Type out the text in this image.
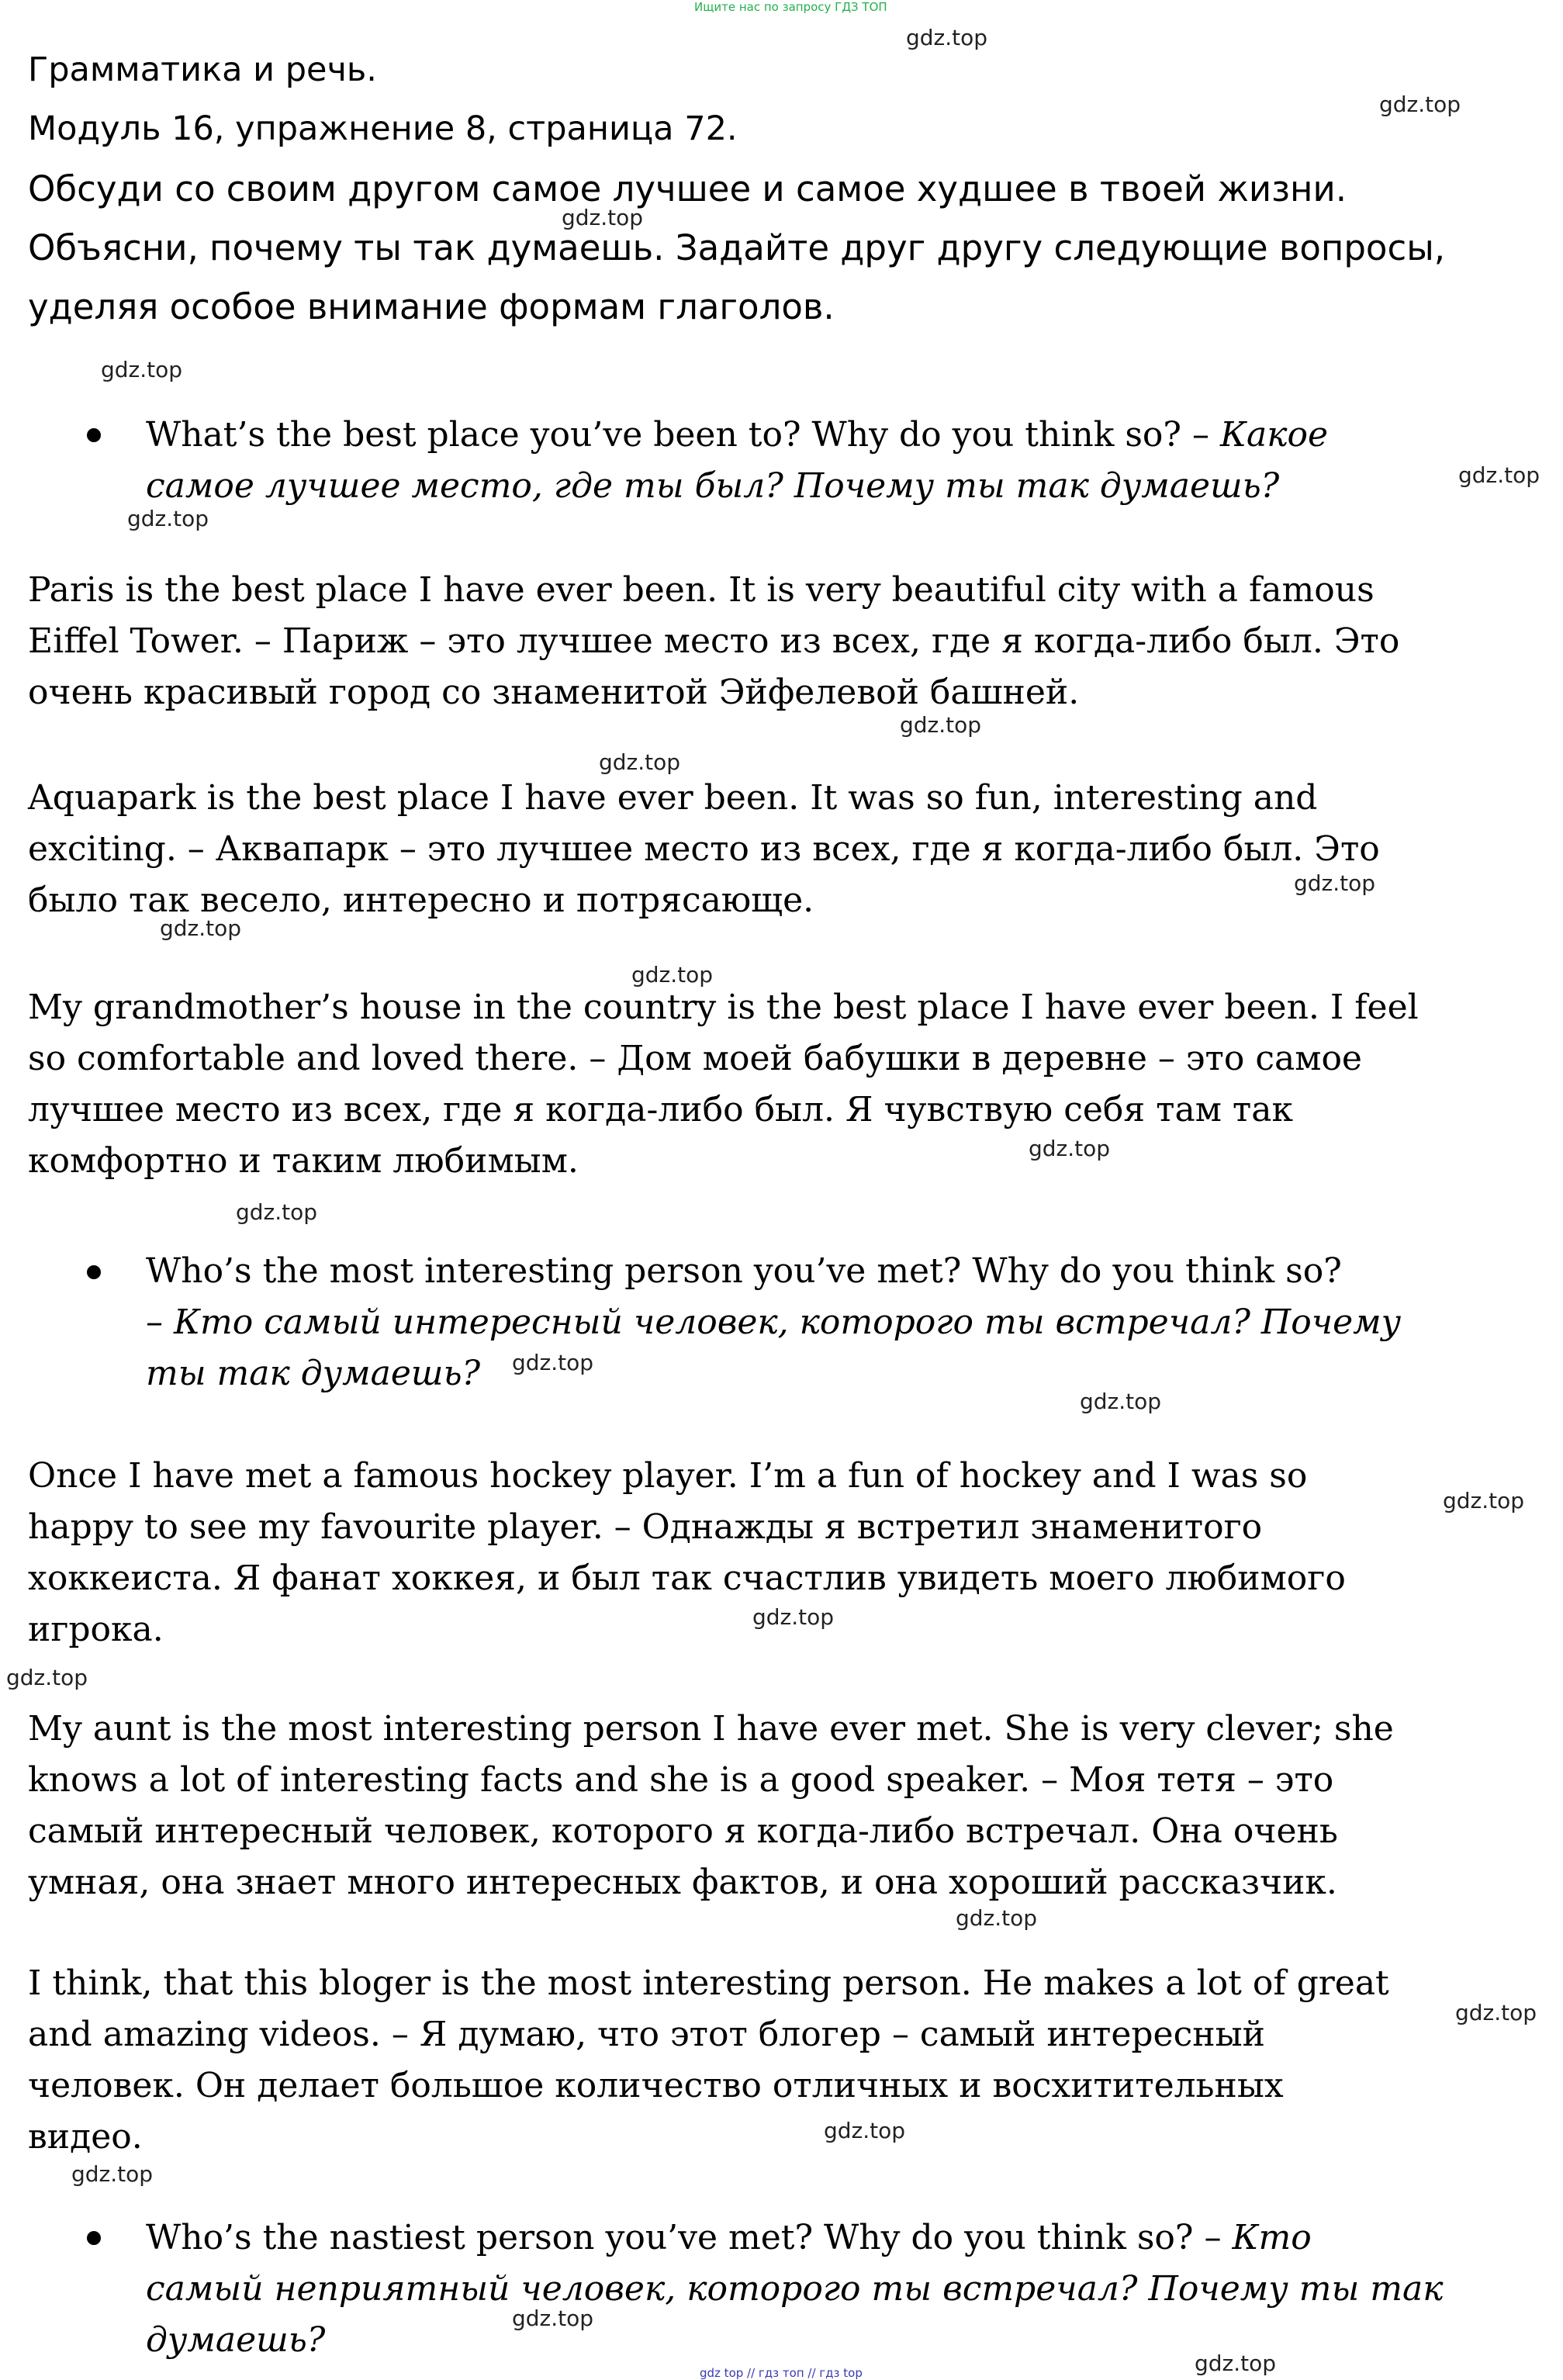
Ищите нас по запросу ГДЗ ТОП
Грамматика и речь.
Модуль 16, упражнение 8, страница 72.
Обсуди со своим другом самое лучшее и самое худшее в твоей жизни.
Объясни, почему ты так думаешь. Задайте друг другу следующие вопросы,
уделяя особое внимание формам глаголов.
What’s the best place you’ve been to? Why do you think so? – Какое
самое лучшее место, где ты был? Почему ты так думаешь?
Paris is the best place I have ever been. It is very beautiful city with a famous
Eiffel Tower. – Париж – это лучшее место из всех, где я когда-либо был. Это
очень красивый город со знаменитой Эйфелевой башней.
Aquapark is the best place I have ever been. It was so fun, interesting and
exciting. – Аквапарк – это лучшее место из всех, где я когда-либо был. Это
было так весело, интересно и потрясающе.
My grandmother’s house in the country is the best place I have ever been. I feel
so comfortable and loved there. – Дом моей бабушки в деревне – это самое
лучшее место из всех, где я когда-либо был. Я чувствую себя там так
комфортно и таким любимым.
Who’s the most interesting person you’ve met? Why do you think so?
– Кто самый интересный человек, которого ты встречал? Почему
ты так думаешь?
Once I have met a famous hockey player. I’m a fun of hockey and I was so
happy to see my favourite player. – Однажды я встретил знаменитого
хоккеиста. Я фанат хоккея, и был так счастлив увидеть моего любимого
игрока.
My aunt is the most interesting person I have ever met. She is very clever; she
knows a lot of interesting facts and she is a good speaker. – Моя тетя – это
самый интересный человек, которого я когда-либо встречал. Она очень
умная, она знает много интересных фактов, и она хороший рассказчик.
I think, that this bloger is the most interesting person. He makes a lot of great
and amazing videos. – Я думаю, что этот блогер – самый интересный
человек. Он делает большое количество отличных и восхитительных
видео.
Who’s the nastiest person you’ve met? Why do you think so? – Кто
самый неприятный человек, которого ты встречал? Почему ты так
думаешь?
gdz.top
gdz.top
gdz.top
gdz.top
gdz.top
gdz.top
gdz.top
gdz.top
gdz.top
gdz.top
gdz.top
gdz.top
gdz.top
gdz.top
gdz.top
gdz.top
gdz.top
gdz.top
gdz.top
gdz.top
gdz.top
gdz.top
gdz.top
gdz.top
gdz top // гдз топ // гдз top
